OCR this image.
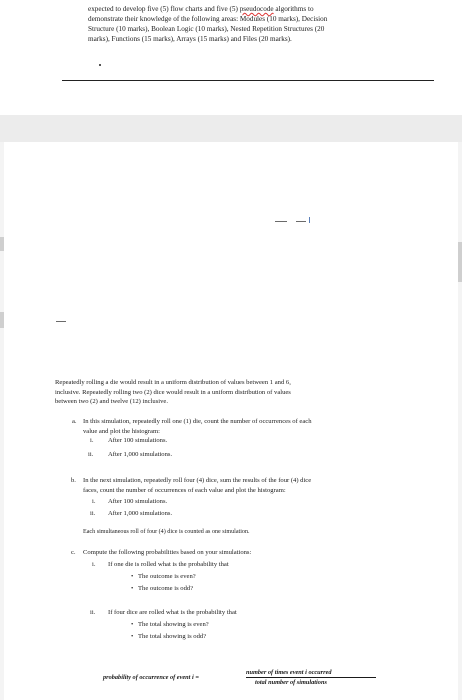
expected to develop five (5) flow charts and five (5) pseudocode algorithms to
demonstrate their knowledge of the following areas: Modules (10 marks), Decision
Structure (10 marks), Boolean Logic (10 marks), Nested Repetition Structures (20
marks), Functions (15 marks), Arrays (15 marks) and Files (20 marks).
Repeatedly rolling a die would result in a uniform distribution of values between 1 and 6,
inclusive. Repeatedly rolling two (2) dice would result in a uniform distribution of values
between two (2) and twelve (12) inclusive.
a. In this simulation, repeatedly roll one (1) die, count the number of occurrences of each
value and plot the histogram:
i. After 100 simulations.
ii. After 1,000 simulations.
b. In the next simulation, repeatedly roll four (4) dice, sum the results of the four (4) dice
faces, count the number of occurrences of each value and plot the histogram:
i. After 100 simulations.
ii. After 1,000 simulations.
Each simultaneous roll of four (4) dice is counted as one simulation.
c. Compute the following probabilities based on your simulations:
i. If one die is rolled what is the probability that
• The outcome is even?
• The outcome is odd?
ii. If four dice are rolled what is the probability that
• The total showing is even?
• The total showing is odd?
probability of occurrence of event i =
number of times event i occurred
total number of simulations
